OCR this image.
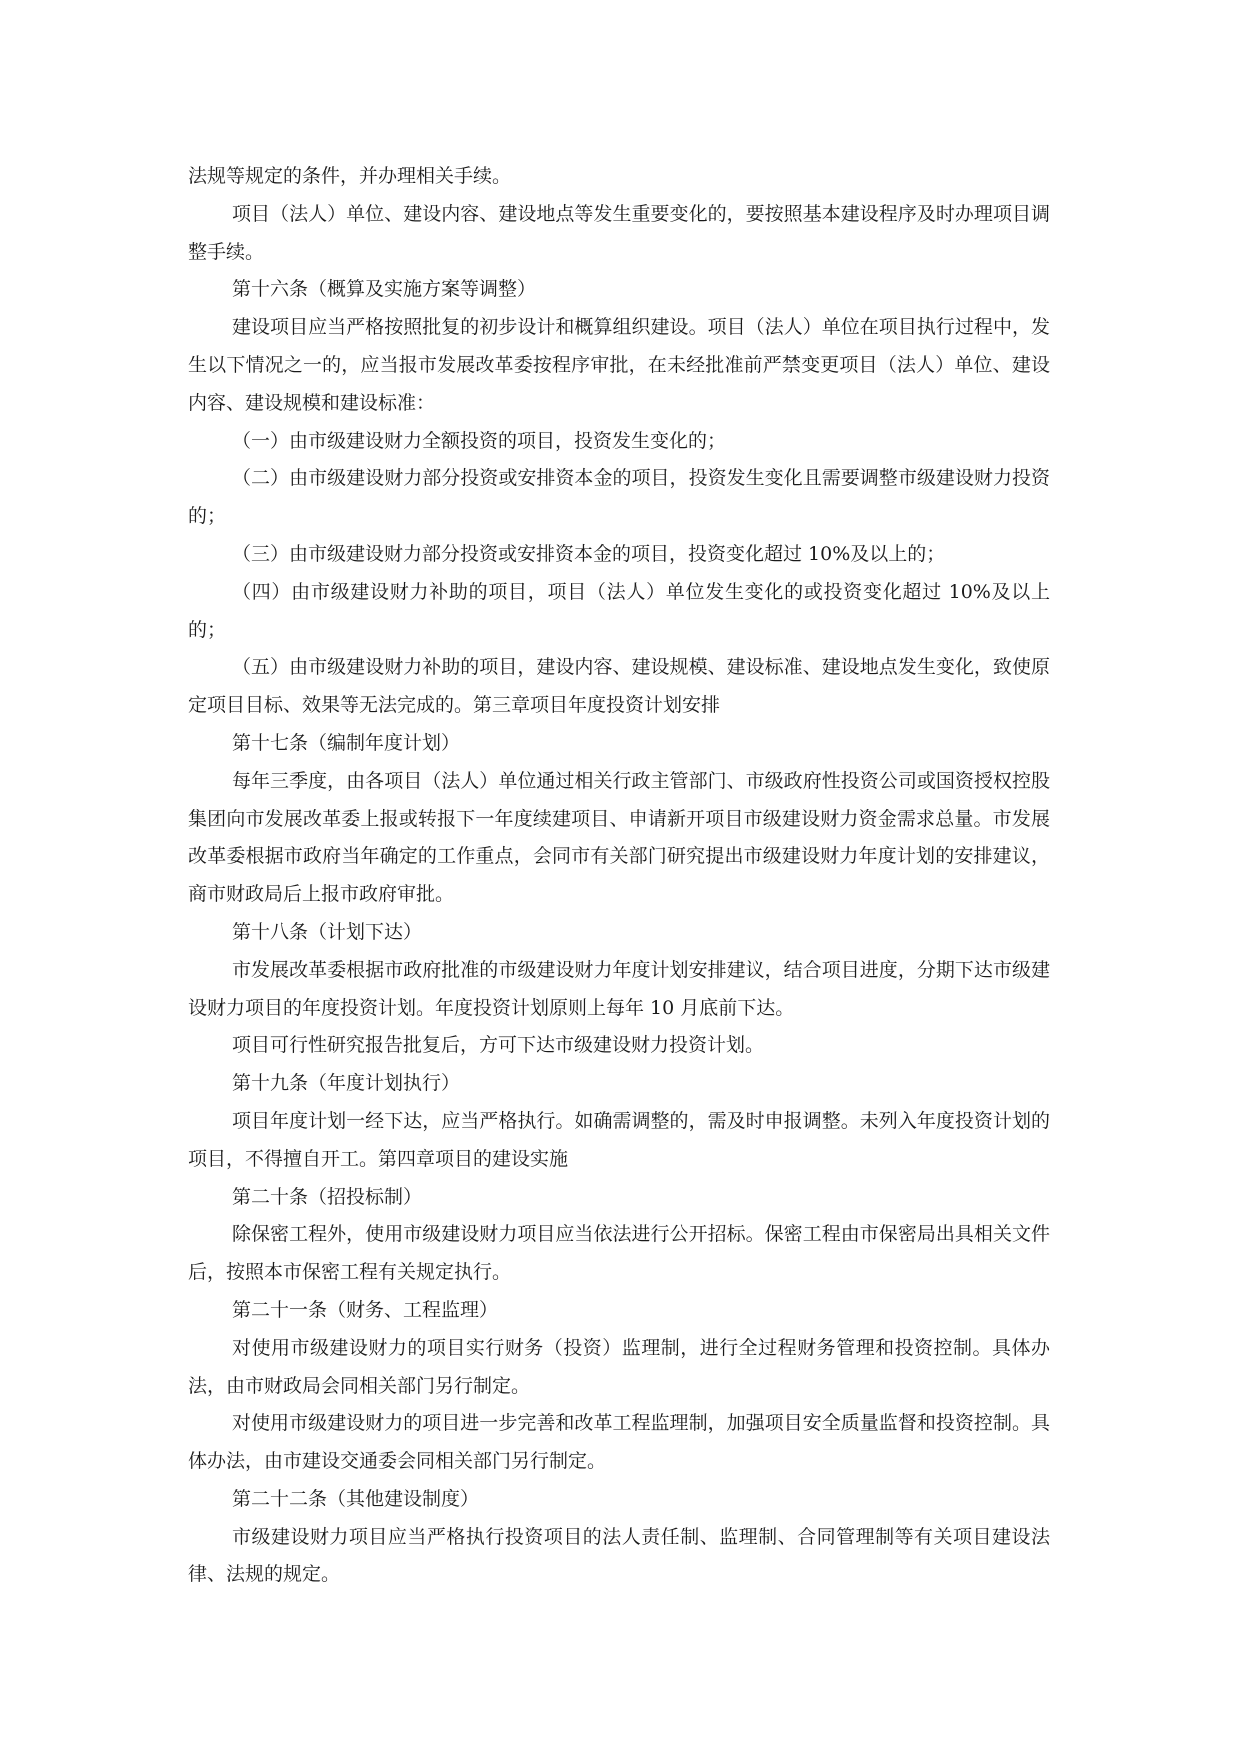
法规等规定的条件，并办理相关手续。

项目（法人）单位、建设内容、建设地点等发生重要变化的，要按照基本建设程序及时办理项目调整手续。

第十六条（概算及实施方案等调整）

建设项目应当严格按照批复的初步设计和概算组织建设。项目（法人）单位在项目执行过程中，发生以下情况之一的，应当报市发展改革委按程序审批，在未经批准前严禁变更项目（法人）单位、建设内容、建设规模和建设标准：

（一）由市级建设财力全额投资的项目，投资发生变化的；

（二）由市级建设财力部分投资或安排资本金的项目，投资发生变化且需要调整市级建设财力投资的；

（三）由市级建设财力部分投资或安排资本金的项目，投资变化超过 10%及以上的；

（四）由市级建设财力补助的项目，项目（法人）单位发生变化的或投资变化超过 10%及以上的；

（五）由市级建设财力补助的项目，建设内容、建设规模、建设标准、建设地点发生变化，致使原定项目目标、效果等无法完成的。第三章项目年度投资计划安排

第十七条（编制年度计划）

每年三季度，由各项目（法人）单位通过相关行政主管部门、市级政府性投资公司或国资授权控股集团向市发展改革委上报或转报下一年度续建项目、申请新开项目市级建设财力资金需求总量。市发展改革委根据市政府当年确定的工作重点，会同市有关部门研究提出市级建设财力年度计划的安排建议，商市财政局后上报市政府审批。

第十八条（计划下达）

市发展改革委根据市政府批准的市级建设财力年度计划安排建议，结合项目进度，分期下达市级建设财力项目的年度投资计划。年度投资计划原则上每年 10 月底前下达。

项目可行性研究报告批复后，方可下达市级建设财力投资计划。

第十九条（年度计划执行）

项目年度计划一经下达，应当严格执行。如确需调整的，需及时申报调整。未列入年度投资计划的项目，不得擅自开工。第四章项目的建设实施

第二十条（招投标制）

除保密工程外，使用市级建设财力项目应当依法进行公开招标。保密工程由市保密局出具相关文件后，按照本市保密工程有关规定执行。

第二十一条（财务、工程监理）

对使用市级建设财力的项目实行财务（投资）监理制，进行全过程财务管理和投资控制。具体办法，由市财政局会同相关部门另行制定。

对使用市级建设财力的项目进一步完善和改革工程监理制，加强项目安全质量监督和投资控制。具体办法，由市建设交通委会同相关部门另行制定。

第二十二条（其他建设制度）

市级建设财力项目应当严格执行投资项目的法人责任制、监理制、合同管理制等有关项目建设法律、法规的规定。
